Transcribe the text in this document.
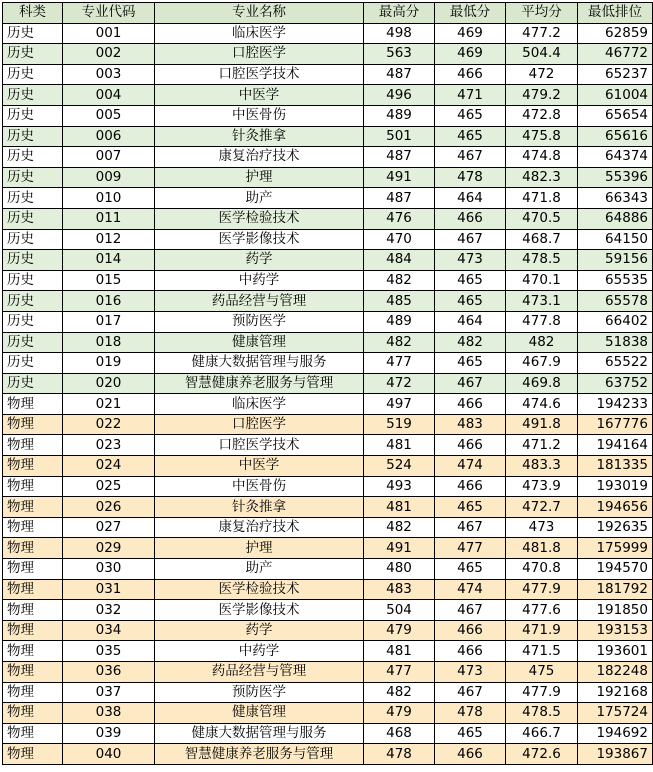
科类	专业代码	专业名称	最高分	最低分	平均分	最低排位
历史	001	临床医学	498	469	477.2	62859
历史	002	口腔医学	563	469	504.4	46772
历史	003	口腔医学技术	487	466	472	65237
历史	004	中医学	496	471	479.2	61004
历史	005	中医骨伤	489	465	472.8	65654
历史	006	针灸推拿	501	465	475.8	65616
历史	007	康复治疗技术	487	467	474.8	64374
历史	009	护理	491	478	482.3	55396
历史	010	助产	487	464	471.8	66343
历史	011	医学检验技术	476	466	470.5	64886
历史	012	医学影像技术	470	467	468.7	64150
历史	014	药学	484	473	478.5	59156
历史	015	中药学	482	465	470.1	65535
历史	016	药品经营与管理	485	465	473.1	65578
历史	017	预防医学	489	464	477.8	66402
历史	018	健康管理	482	482	482	51838
历史	019	健康大数据管理与服务	477	465	467.9	65522
历史	020	智慧健康养老服务与管理	472	467	469.8	63752
物理	021	临床医学	497	466	474.6	194233
物理	022	口腔医学	519	483	491.8	167776
物理	023	口腔医学技术	481	466	471.2	194164
物理	024	中医学	524	474	483.3	181335
物理	025	中医骨伤	493	466	473.9	193019
物理	026	针灸推拿	481	465	472.7	194656
物理	027	康复治疗技术	482	467	473	192635
物理	029	护理	491	477	481.8	175999
物理	030	助产	480	465	470.8	194570
物理	031	医学检验技术	483	474	477.9	181792
物理	032	医学影像技术	504	467	477.6	191850
物理	034	药学	479	466	471.9	193153
物理	035	中药学	481	466	471.5	193601
物理	036	药品经营与管理	477	473	475	182248
物理	037	预防医学	482	467	477.9	192168
物理	038	健康管理	479	478	478.5	175724
物理	039	健康大数据管理与服务	468	465	466.7	194692
物理	040	智慧健康养老服务与管理	478	466	472.6	193867
